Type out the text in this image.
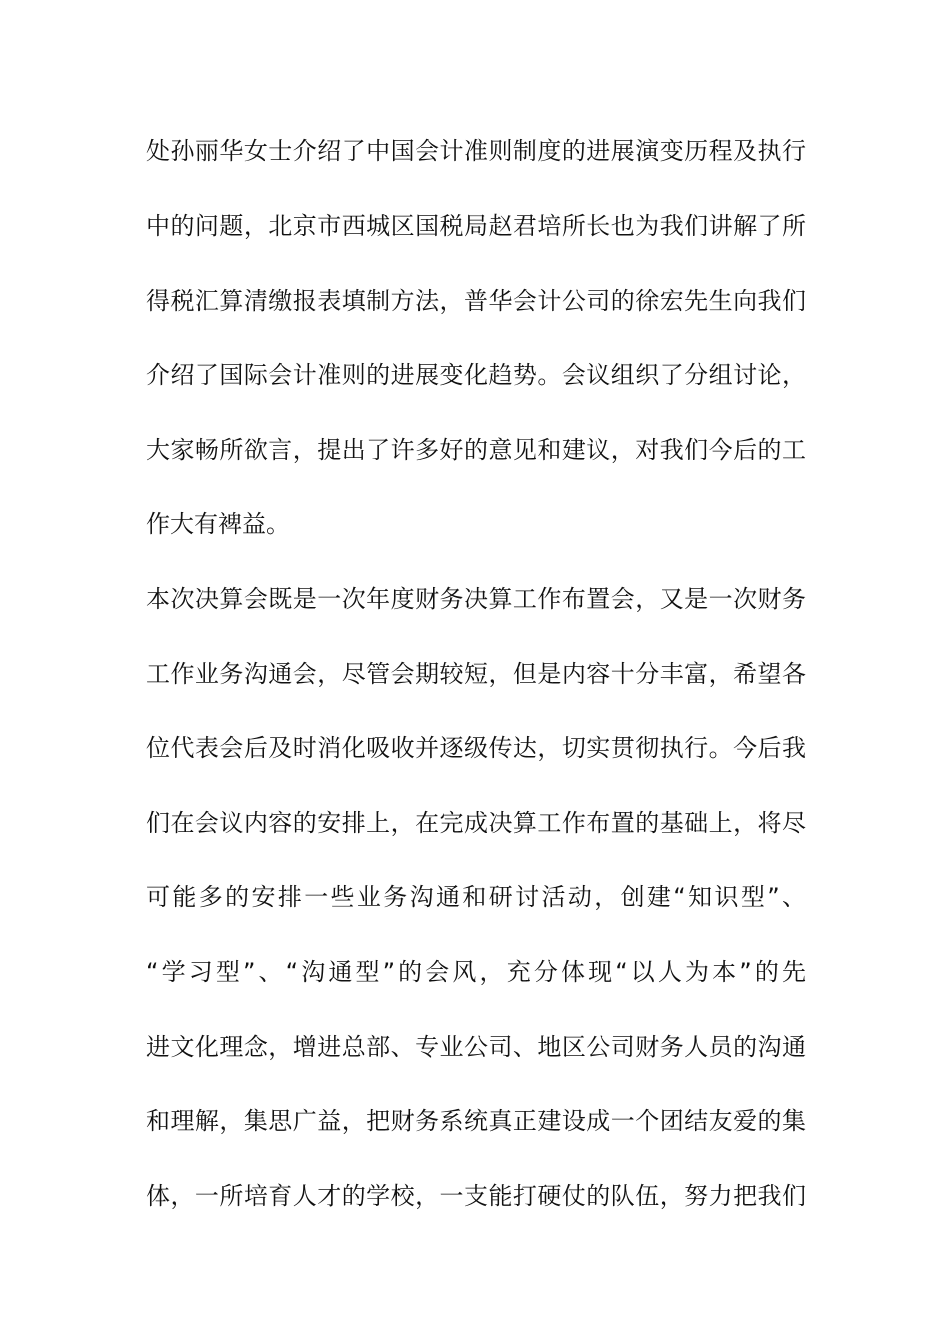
处孙丽华女士介绍了中国会计准则制度的进展演变历程及执行
中的问题，北京市西城区国税局赵君培所长也为我们讲解了所
得税汇算清缴报表填制方法，普华会计公司的徐宏先生向我们
介绍了国际会计准则的进展变化趋势。会议组织了分组讨论，
大家畅所欲言，提出了许多好的意见和建议，对我们今后的工
作大有裨益。
本次决算会既是一次年度财务决算工作布置会，又是一次财务
工作业务沟通会，尽管会期较短，但是内容十分丰富，希望各
位代表会后及时消化吸收并逐级传达，切实贯彻执行。今后我
们在会议内容的安排上，在完成决算工作布置的基础上，将尽
可能多的安排一些业务沟通和研讨活动，创建“知识型”、
“学习型”、“沟通型”的会风，充分体现“以人为本”的先
进文化理念，增进总部、专业公司、地区公司财务人员的沟通
和理解，集思广益，把财务系统真正建设成一个团结友爱的集
体，一所培育人才的学校，一支能打硬仗的队伍，努力把我们
